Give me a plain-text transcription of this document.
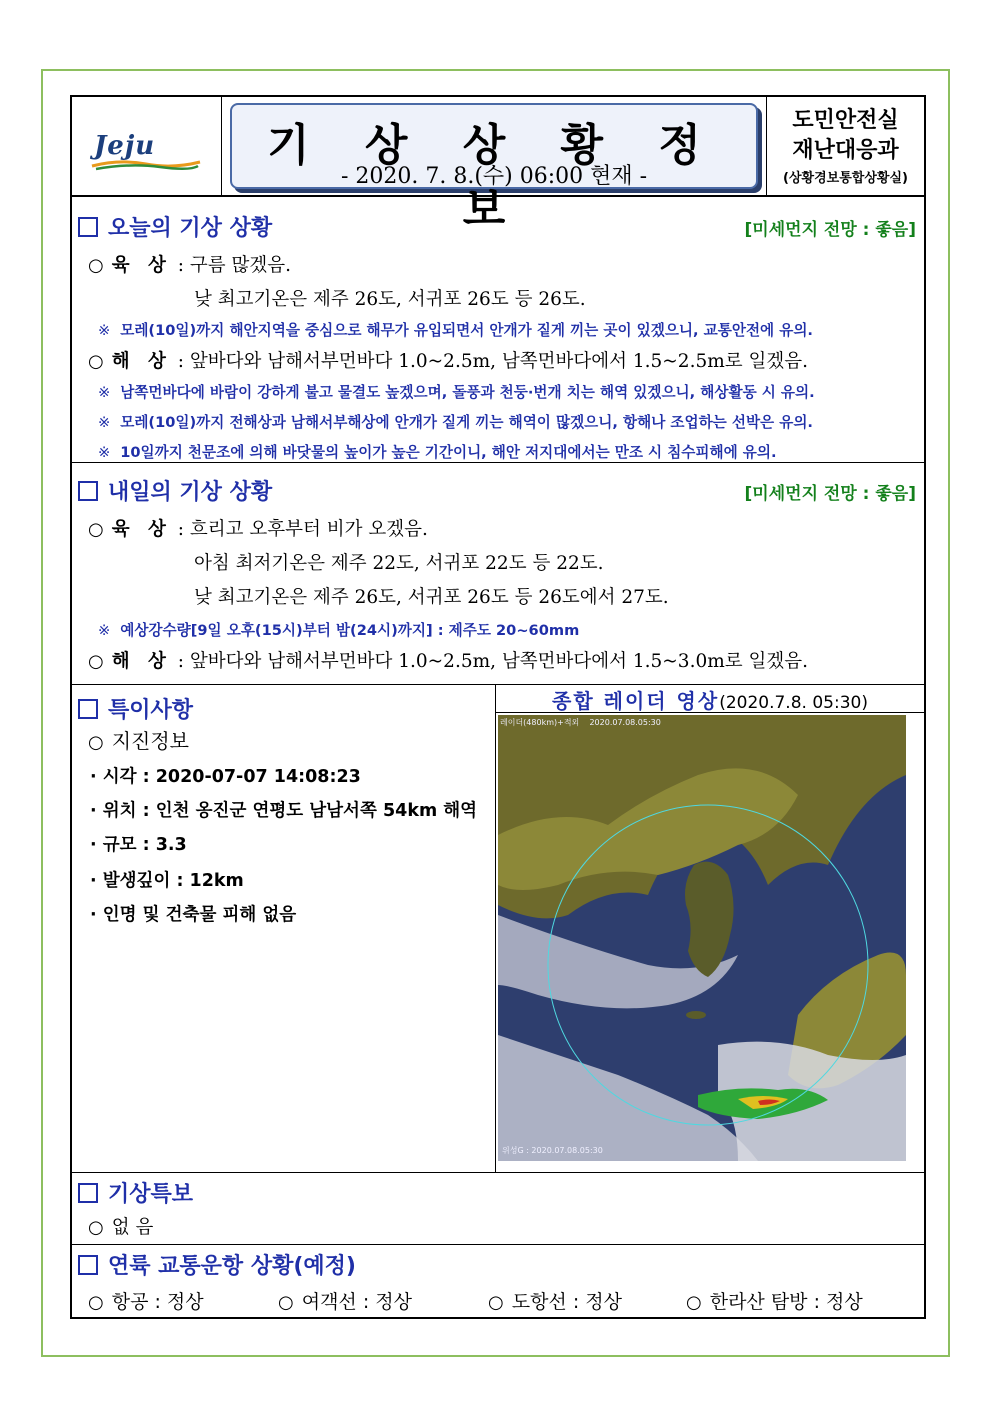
Jeju	기 상 상 황 정 보
- 2020. 7. 8.(수) 06:00 현재 -
도민안전실
재난대응과
(상황경보통합상황실)
오늘의 기상 상황	[미세먼지 전망 : 좋음]
○ 육 상 : 구름 많겠음.
낮 최고기온은 제주 26도, 서귀포 26도 등 26도.
※ 모레(10일)까지 해안지역을 중심으로 해무가 유입되면서 안개가 짙게 끼는 곳이 있겠으니, 교통안전에 유의.
○ 해 상 : 앞바다와 남해서부먼바다 1.0~2.5m, 남쪽먼바다에서 1.5~2.5m로 일겠음.
※ 남쪽먼바다에 바람이 강하게 불고 물결도 높겠으며, 돌풍과 천둥·번개 치는 해역 있겠으니, 해상활동 시 유의.
※ 모레(10일)까지 전해상과 남해서부해상에 안개가 짙게 끼는 해역이 많겠으니, 항해나 조업하는 선박은 유의.
※ 10일까지 천문조에 의해 바닷물의 높이가 높은 기간이니, 해안 저지대에서는 만조 시 침수피해에 유의.
내일의 기상 상황	[미세먼지 전망 : 좋음]
○ 육 상 : 흐리고 오후부터 비가 오겠음.
아침 최저기온은 제주 22도, 서귀포 22도 등 22도.
낮 최고기온은 제주 26도, 서귀포 26도 등 26도에서 27도.
※ 예상강수량[9일 오후(15시)부터 밤(24시)까지] : 제주도 20~60mm
○ 해 상 : 앞바다와 남해서부먼바다 1.0~2.5m, 남쪽먼바다에서 1.5~3.0m로 일겠음.
특이사항
○ 지진정보
· 시각 : 2020-07-07 14:08:23
· 위치 : 인천 옹진군 연평도 남남서쪽 54km 해역
· 규모 : 3.3
· 발생깊이 : 12km
· 인명 및 건축물 피해 없음
종합 레이더 영상(2020.7.8. 05:30)
레이더(480km)+적외 2020.07.08.05:30
위성G : 2020.07.08.05:30
기상특보
○ 없 음
연륙 교통운항 상황(예정)
○ 항공 : 정상	○ 여객선 : 정상	○ 도항선 : 정상	○ 한라산 탐방 : 정상
